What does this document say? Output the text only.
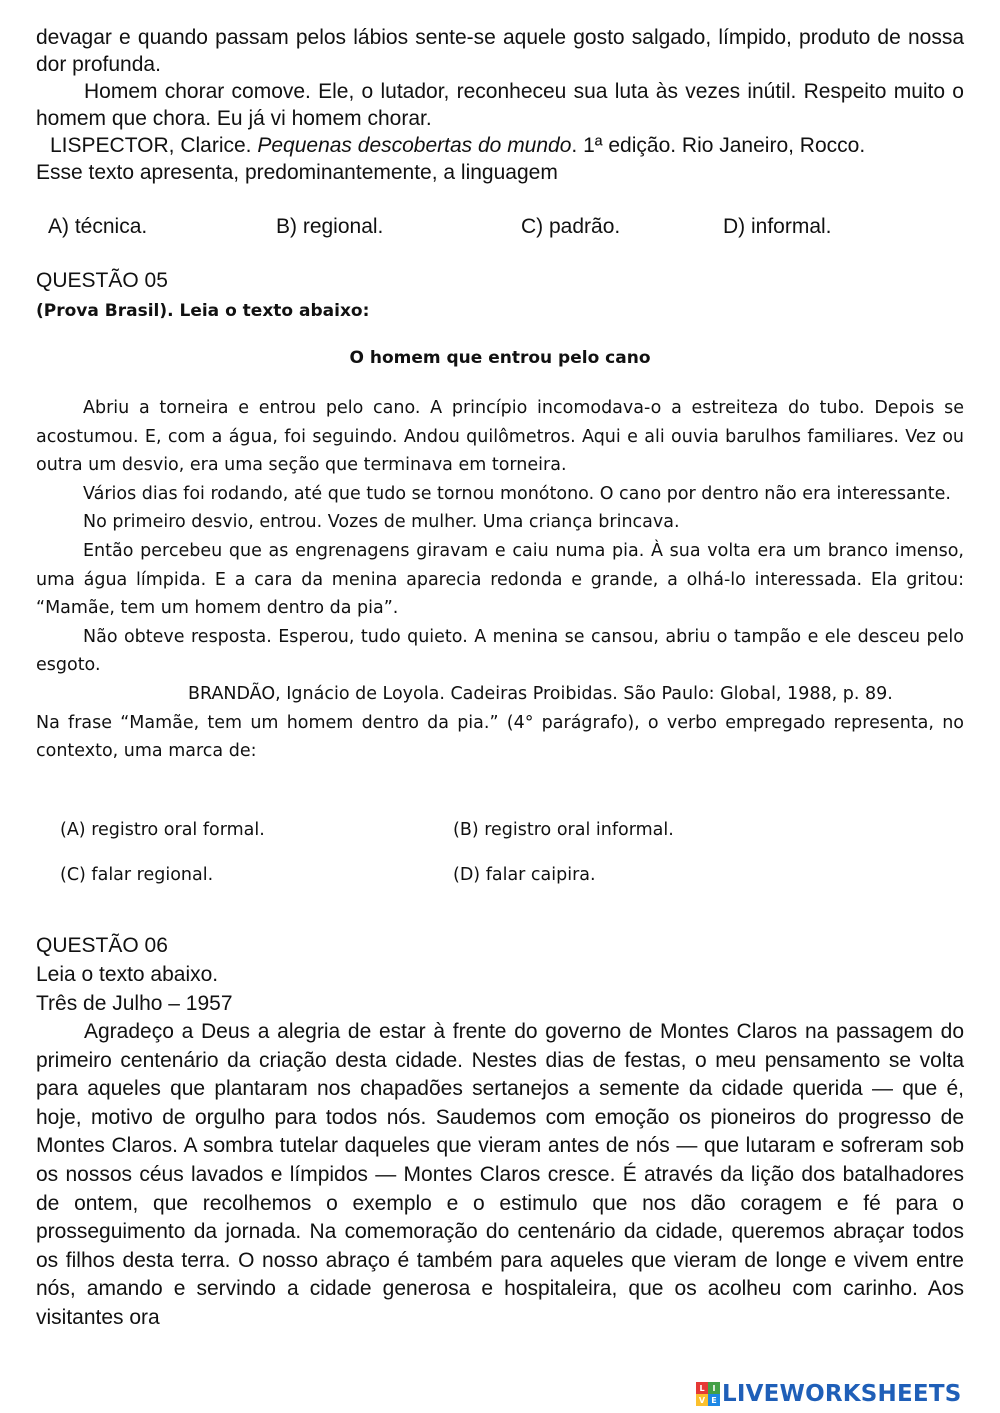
devagar e quando passam pelos lábios sente-se aquele gosto salgado, límpido, produto de nossa dor profunda.

Homem chorar comove. Ele, o lutador, reconheceu sua luta às vezes inútil. Respeito muito o homem que chora. Eu já vi homem chorar.

LISPECTOR, Clarice. Pequenas descobertas do mundo. 1ª edição. Rio Janeiro, Rocco.

Esse texto apresenta, predominantemente, a linguagem

A) técnica.	B) regional.	C) padrão.	D) informal.

QUESTÃO 05

(Prova Brasil). Leia o texto abaixo:

O homem que entrou pelo cano

Abriu a torneira e entrou pelo cano. A princípio incomodava-o a estreiteza do tubo. Depois se acostumou. E, com a água, foi seguindo. Andou quilômetros. Aqui e ali ouvia barulhos familiares. Vez ou outra um desvio, era uma seção que terminava em torneira.

Vários dias foi rodando, até que tudo se tornou monótono. O cano por dentro não era interessante.

No primeiro desvio, entrou. Vozes de mulher. Uma criança brincava.

Então percebeu que as engrenagens giravam e caiu numa pia. À sua volta era um branco imenso, uma água límpida. E a cara da menina aparecia redonda e grande, a olhá-lo interessada. Ela gritou: “Mamãe, tem um homem dentro da pia”.

Não obteve resposta. Esperou, tudo quieto. A menina se cansou, abriu o tampão e ele desceu pelo esgoto.

BRANDÃO, Ignácio de Loyola. Cadeiras Proibidas. São Paulo: Global, 1988, p. 89.

Na frase “Mamãe, tem um homem dentro da pia.” (4° parágrafo), o verbo empregado representa, no contexto, uma marca de:

(A) registro oral formal.	(B) registro oral informal.
(C) falar regional.	(D) falar caipira.

QUESTÃO 06

Leia o texto abaixo.

Três de Julho – 1957

Agradeço a Deus a alegria de estar à frente do governo de Montes Claros na passagem do primeiro centenário da criação desta cidade. Nestes dias de festas, o meu pensamento se volta para aqueles que plantaram nos chapadões sertanejos a semente da cidade querida — que é, hoje, motivo de orgulho para todos nós. Saudemos com emoção os pioneiros do progresso de Montes Claros. A sombra tutelar daqueles que vieram antes de nós — que lutaram e sofreram sob os nossos céus lavados e límpidos — Montes Claros cresce. É através da lição dos batalhadores de ontem, que recolhemos o exemplo e o estimulo que nos dão coragem e fé para o prosseguimento da jornada. Na comemoração do centenário da cidade, queremos abraçar todos os filhos desta terra. O nosso abraço é também para aqueles que vieram de longe e vivem entre nós, amando e servindo a cidade generosa e hospitaleira, que os acolheu com carinho. Aos visitantes ora

L I
V E LIVEWORKSHEETS
